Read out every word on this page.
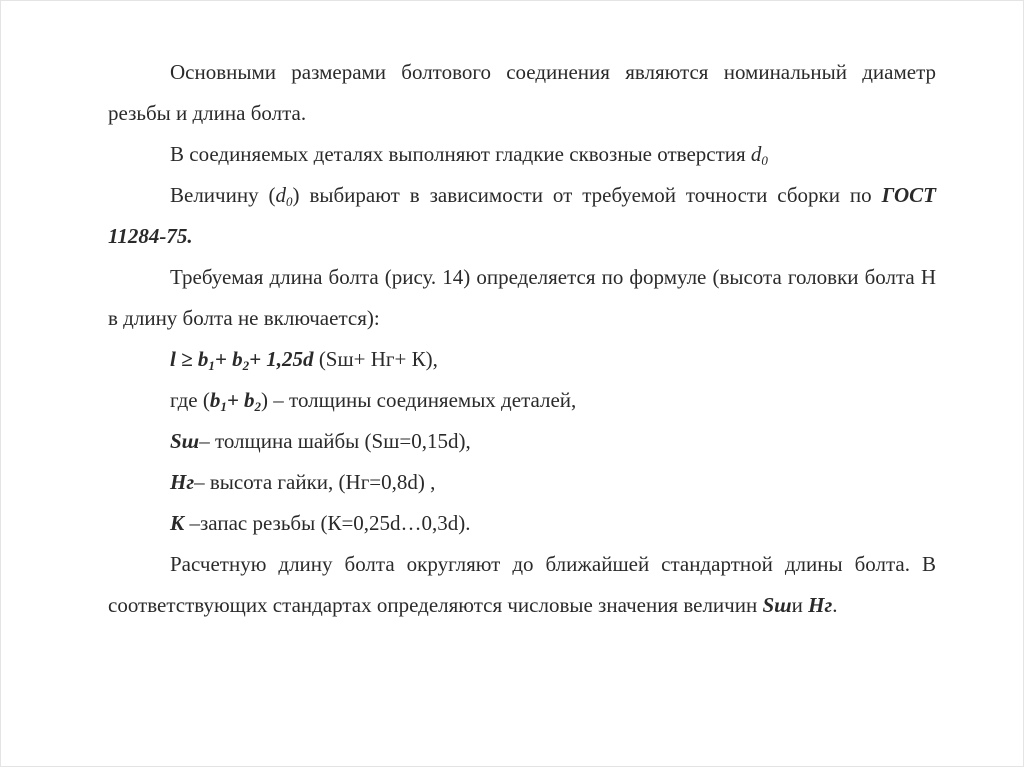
Основными размерами болтового соединения являются номинальный диаметр резьбы и длина болта.

В соединяемых деталях выполняют гладкие сквозные отверстия $d_0$

Величину $(d_0)$ выбирают в зависимости от требуемой точности сборки по ГОСТ 11284-75.

Требуемая длина болта (рису. 14) определяется по формуле (высота головки болта Н в длину болта не включается):

$l \ge b_1+ b_2+ 1,25d$ (Sш+ Нг+ К),

где $(b_1+ b_2)$ – толщины соединяемых деталей,

Sш– толщина шайбы (Sш=0,15d),

Нг– высота гайки, (Нг=0,8d) ,

К –запас резьбы (К=0,25d…0,3d).

Расчетную длину болта округляют до ближайшей стандартной длины болта. В соответствующих стандартах определяются числовые значения величин Sши Нг.
